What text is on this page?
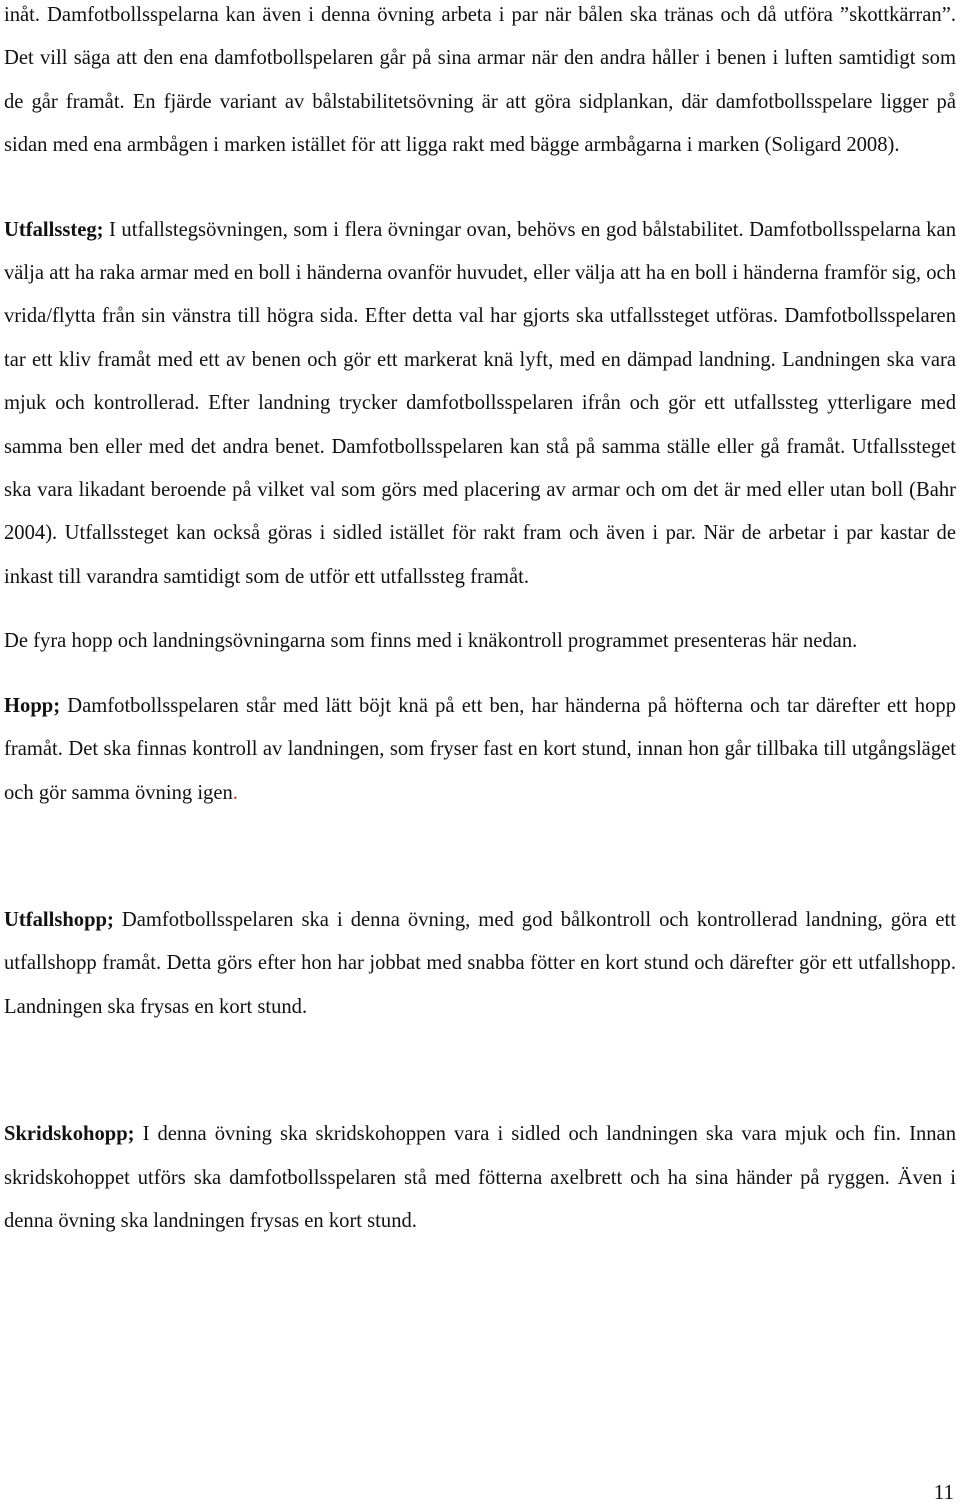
inåt. Damfotbollsspelarna kan även i denna övning arbeta i par när bålen ska tränas och då utföra ”skottkärran”. Det vill säga att den ena damfotbollspelaren går på sina armar när den andra håller i benen i luften samtidigt som de går framåt. En fjärde variant av bålstabilitetsövning är att göra sidplankan, där damfotbollsspelare ligger på sidan med ena armbågen i marken istället för att ligga rakt med bägge armbågarna i marken (Soligard 2008).

Utfallssteg; I utfallstegsövningen, som i flera övningar ovan, behövs en god bålstabilitet. Damfotbollsspelarna kan välja att ha raka armar med en boll i händerna ovanför huvudet, eller välja att ha en boll i händerna framför sig, och vrida/flytta från sin vänstra till högra sida. Efter detta val har gjorts ska utfallssteget utföras. Damfotbollsspelaren tar ett kliv framåt med ett av benen och gör ett markerat knä lyft, med en dämpad landning. Landningen ska vara mjuk och kontrollerad. Efter landning trycker damfotbollsspelaren ifrån och gör ett utfallssteg ytterligare med samma ben eller med det andra benet. Damfotbollsspelaren kan stå på samma ställe eller gå framåt. Utfallssteget ska vara likadant beroende på vilket val som görs med placering av armar och om det är med eller utan boll (Bahr 2004). Utfallssteget kan också göras i sidled istället för rakt fram och även i par. När de arbetar i par kastar de inkast till varandra samtidigt som de utför ett utfallssteg framåt.

De fyra hopp och landningsövningarna som finns med i knäkontroll programmet presenteras här nedan.

Hopp; Damfotbollsspelaren står med lätt böjt knä på ett ben, har händerna på höfterna och tar därefter ett hopp framåt. Det ska finnas kontroll av landningen, som fryser fast en kort stund, innan hon går tillbaka till utgångsläget och gör samma övning igen.

Utfallshopp; Damfotbollsspelaren ska i denna övning, med god bålkontroll och kontrollerad landning, göra ett utfallshopp framåt. Detta görs efter hon har jobbat med snabba fötter en kort stund och därefter gör ett utfallshopp. Landningen ska frysas en kort stund.

Skridskohopp; I denna övning ska skridskohoppen vara i sidled och landningen ska vara mjuk och fin. Innan skridskohoppet utförs ska damfotbollsspelaren stå med fötterna axelbrett och ha sina händer på ryggen. Även i denna övning ska landningen frysas en kort stund.

11
